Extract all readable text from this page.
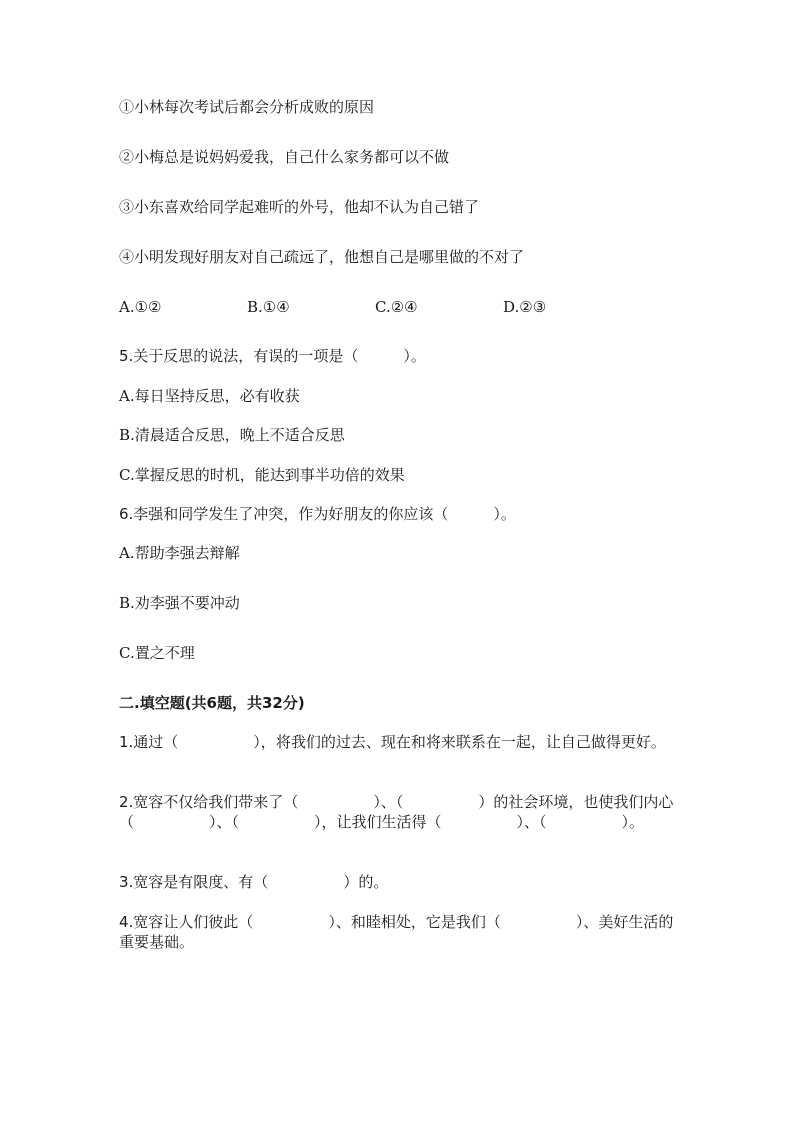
①小林每次考试后都会分析成败的原因
②小梅总是说妈妈爱我，自己什么家务都可以不做
③小东喜欢给同学起难听的外号，他却不认为自己错了
④小明发现好朋友对自己疏远了，他想自己是哪里做的不对了
A.①②	B.①④	C.②④	D.②③
5.关于反思的说法，有误的一项是（　　　）。
A.每日坚持反思，必有收获
B.清晨适合反思，晚上不适合反思
C.掌握反思的时机，能达到事半功倍的效果
6.李强和同学发生了冲突，作为好朋友的你应该（　　　）。
A.帮助李强去辩解
B.劝李强不要冲动
C.置之不理
二.填空题(共6题，共32分)
1.通过（　　　　　），将我们的过去、现在和将来联系在一起，让自己做得更好。
2.宽容不仅给我们带来了（　　　　　）、（　　　　　）的社会环境，也使我们内心（　　　　　）、（　　　　　），让我们生活得（　　　　　）、（　　　　　）。
3.宽容是有限度、有（　　　　　）的。
4.宽容让人们彼此（　　　　　）、和睦相处，它是我们（　　　　　）、美好生活的重要基础。
